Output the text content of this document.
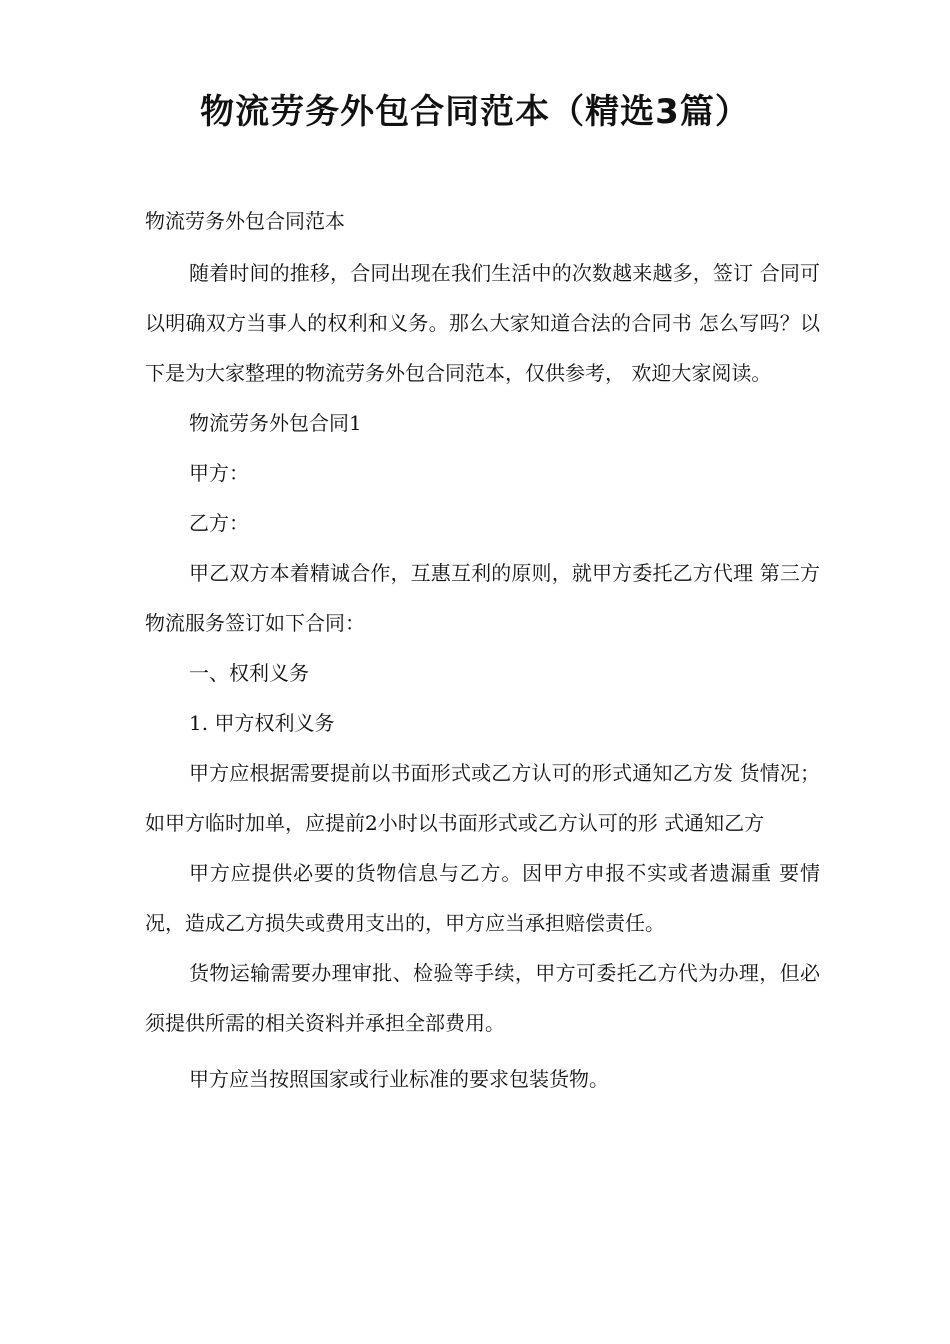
物流劳务外包合同范本（精选3篇）

物流劳务外包合同范本

随着时间的推移，合同出现在我们生活中的次数越来越多，签订 合同可以明确双方当事人的权利和义务。那么大家知道合法的合同书 怎么写吗？以下是为大家整理的物流劳务外包合同范本，仅供参考， 欢迎大家阅读。

物流劳务外包合同1

甲方：

乙方：

甲乙双方本着精诚合作，互惠互利的原则，就甲方委托乙方代理 第三方物流服务签订如下合同：

一、权利义务

1. 甲方权利义务

甲方应根据需要提前以书面形式或乙方认可的形式通知乙方发 货情况；如甲方临时加单，应提前2小时以书面形式或乙方认可的形 式通知乙方

甲方应提供必要的货物信息与乙方。因甲方申报不实或者遗漏重 要情况，造成乙方损失或费用支出的，甲方应当承担赔偿责任。

货物运输需要办理审批、检验等手续，甲方可委托乙方代为办理，但必须提供所需的相关资料并承担全部费用。

甲方应当按照国家或行业标准的要求包装货物。
